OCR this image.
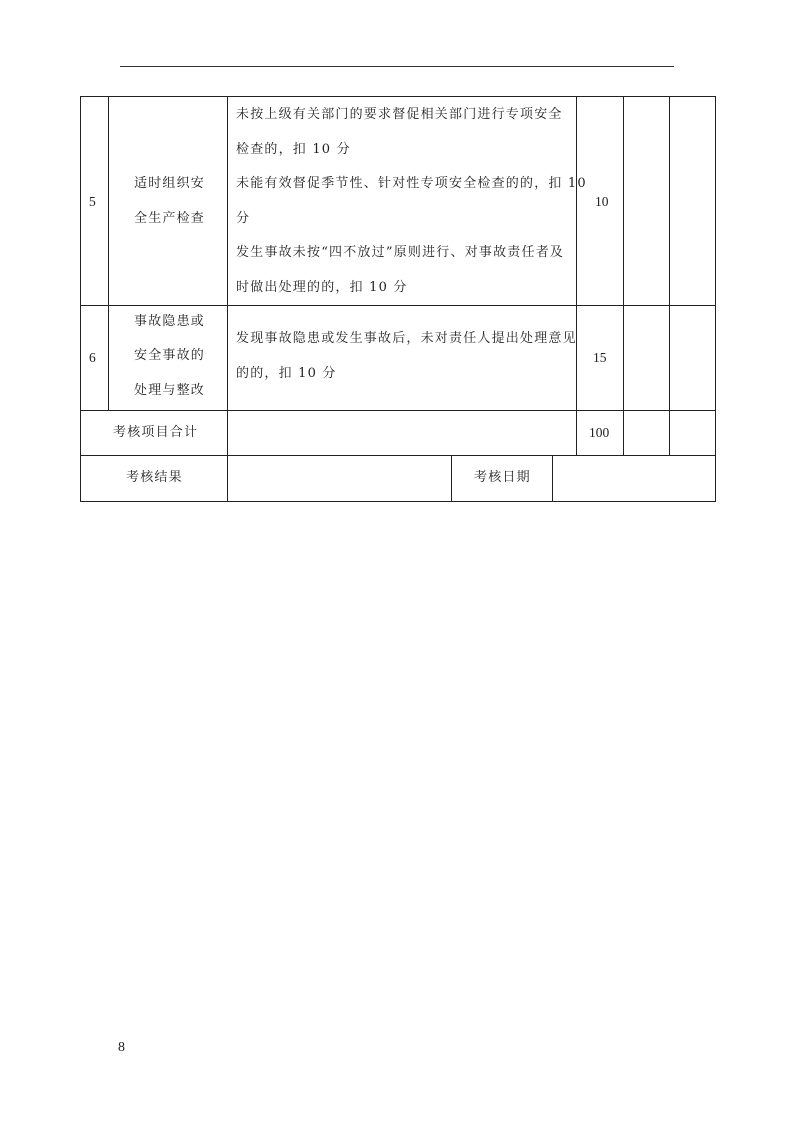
5
适时组织安
全生产检查
未按上级有关部门的要求督促相关部门进行专项安全
检查的，扣 10 分
未能有效督促季节性、针对性专项安全检查的的，扣 10
分
发生事故未按“四不放过”原则进行、对事故责任者及
时做出处理的的，扣 10 分
10
6
事故隐患或
安全事故的
处理与整改
发现事故隐患或发生事故后，未对责任人提出处理意见
的的，扣 10 分
15
考核项目合计	100
考核结果	考核日期
8
